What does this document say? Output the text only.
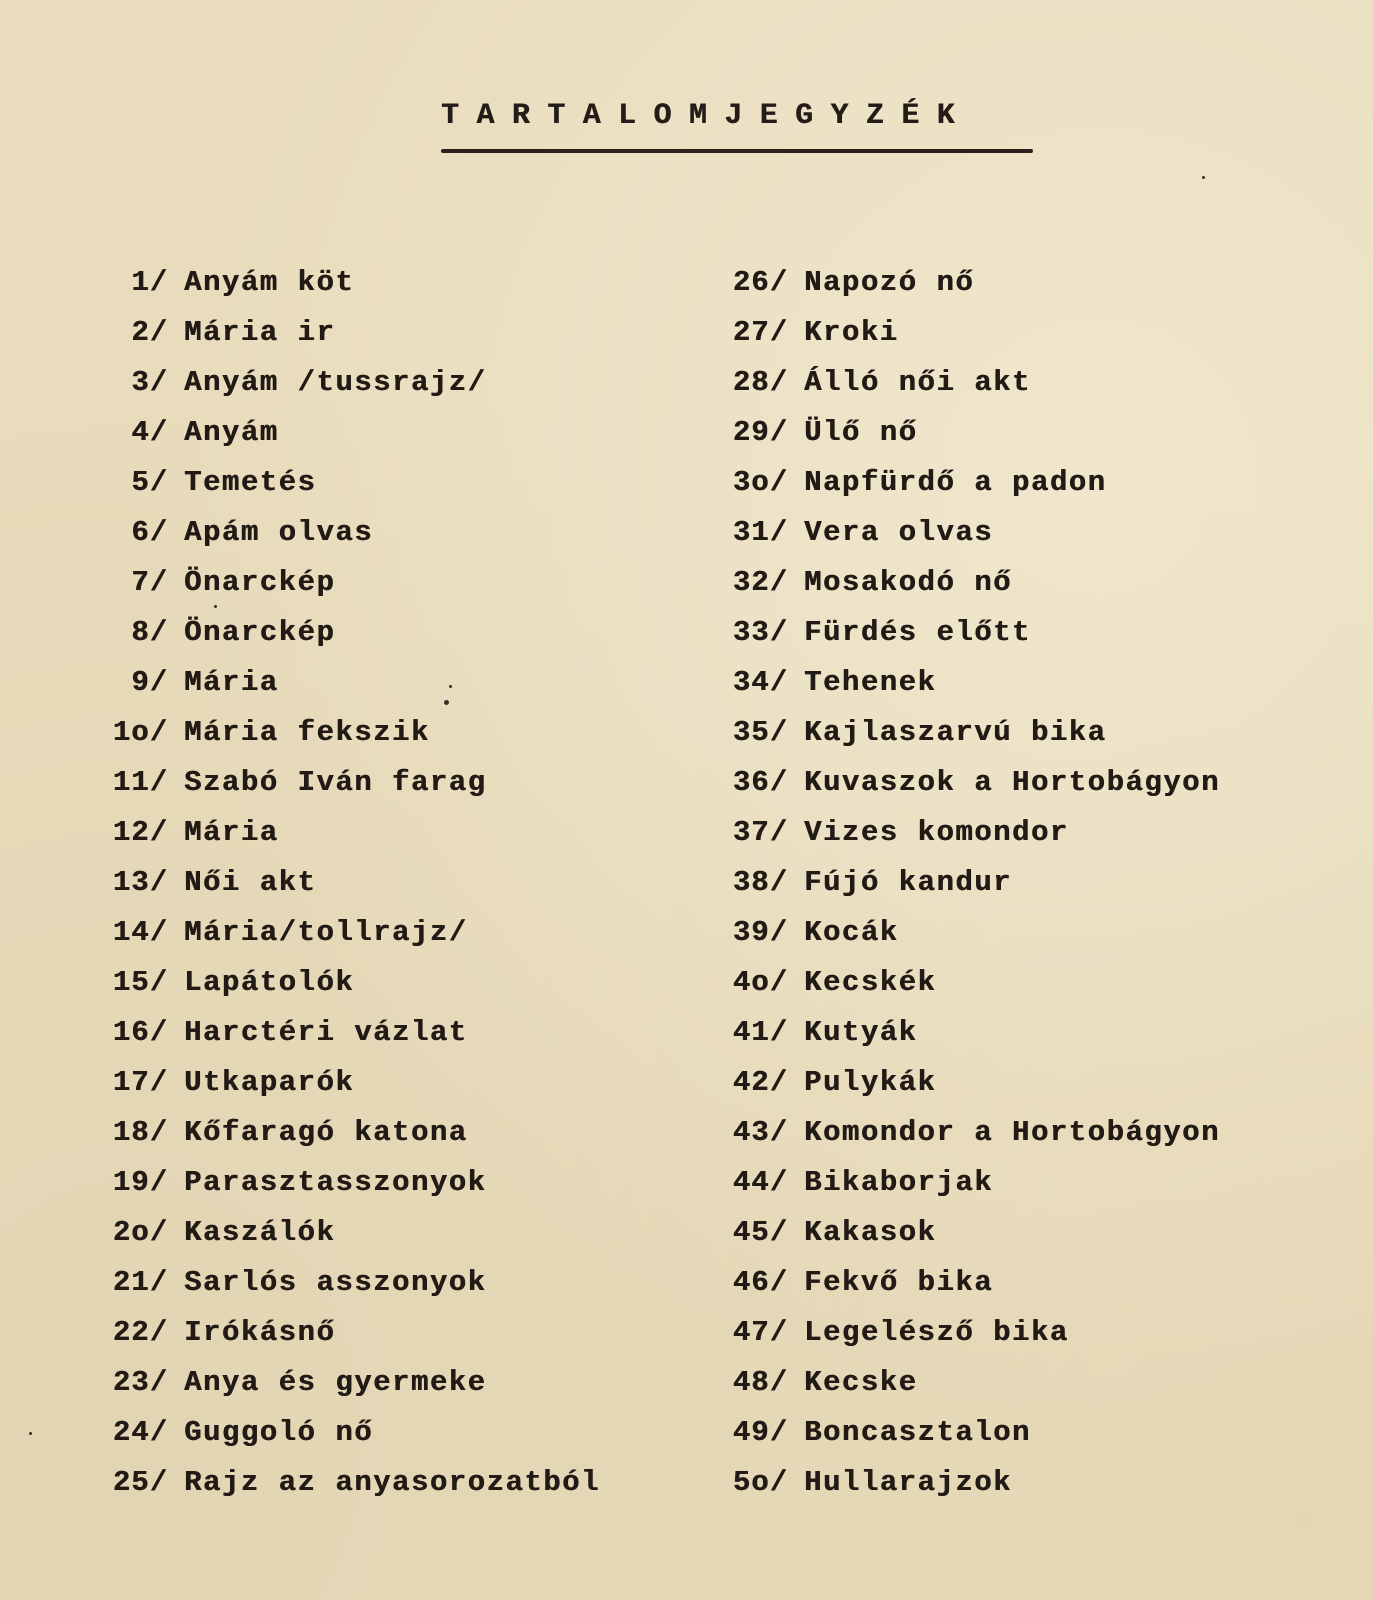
TARTALOMJEGYZÉK
1/ Anyám köt
2/ Mária ir
3/ Anyám /tussrajz/
4/ Anyám
5/ Temetés
6/ Apám olvas
7/ Önarckép
8/ Önarckép
9/ Mária
1o/ Mária fekszik
11/ Szabó Iván farag
12/ Mária
13/ Női akt
14/ Mária/tollrajz/
15/ Lapátolók
16/ Harctéri vázlat
17/ Utkaparók
18/ Kőfaragó katona
19/ Parasztasszonyok
2o/ Kaszálók
21/ Sarlós asszonyok
22/ Irókásnő
23/ Anya és gyermeke
24/ Guggoló nő
25/ Rajz az anyasorozatból
26/ Napozó nő
27/ Kroki
28/ Álló női akt
29/ Ülő nő
3o/ Napfürdő a padon
31/ Vera olvas
32/ Mosakodó nő
33/ Fürdés előtt
34/ Tehenek
35/ Kajlaszarvú bika
36/ Kuvaszok a Hortobágyon
37/ Vizes komondor
38/ Fújó kandur
39/ Kocák
4o/ Kecskék
41/ Kutyák
42/ Pulykák
43/ Komondor a Hortobágyon
44/ Bikaborjak
45/ Kakasok
46/ Fekvő bika
47/ Legelésző bika
48/ Kecske
49/ Boncasztalon
5o/ Hullarajzok
